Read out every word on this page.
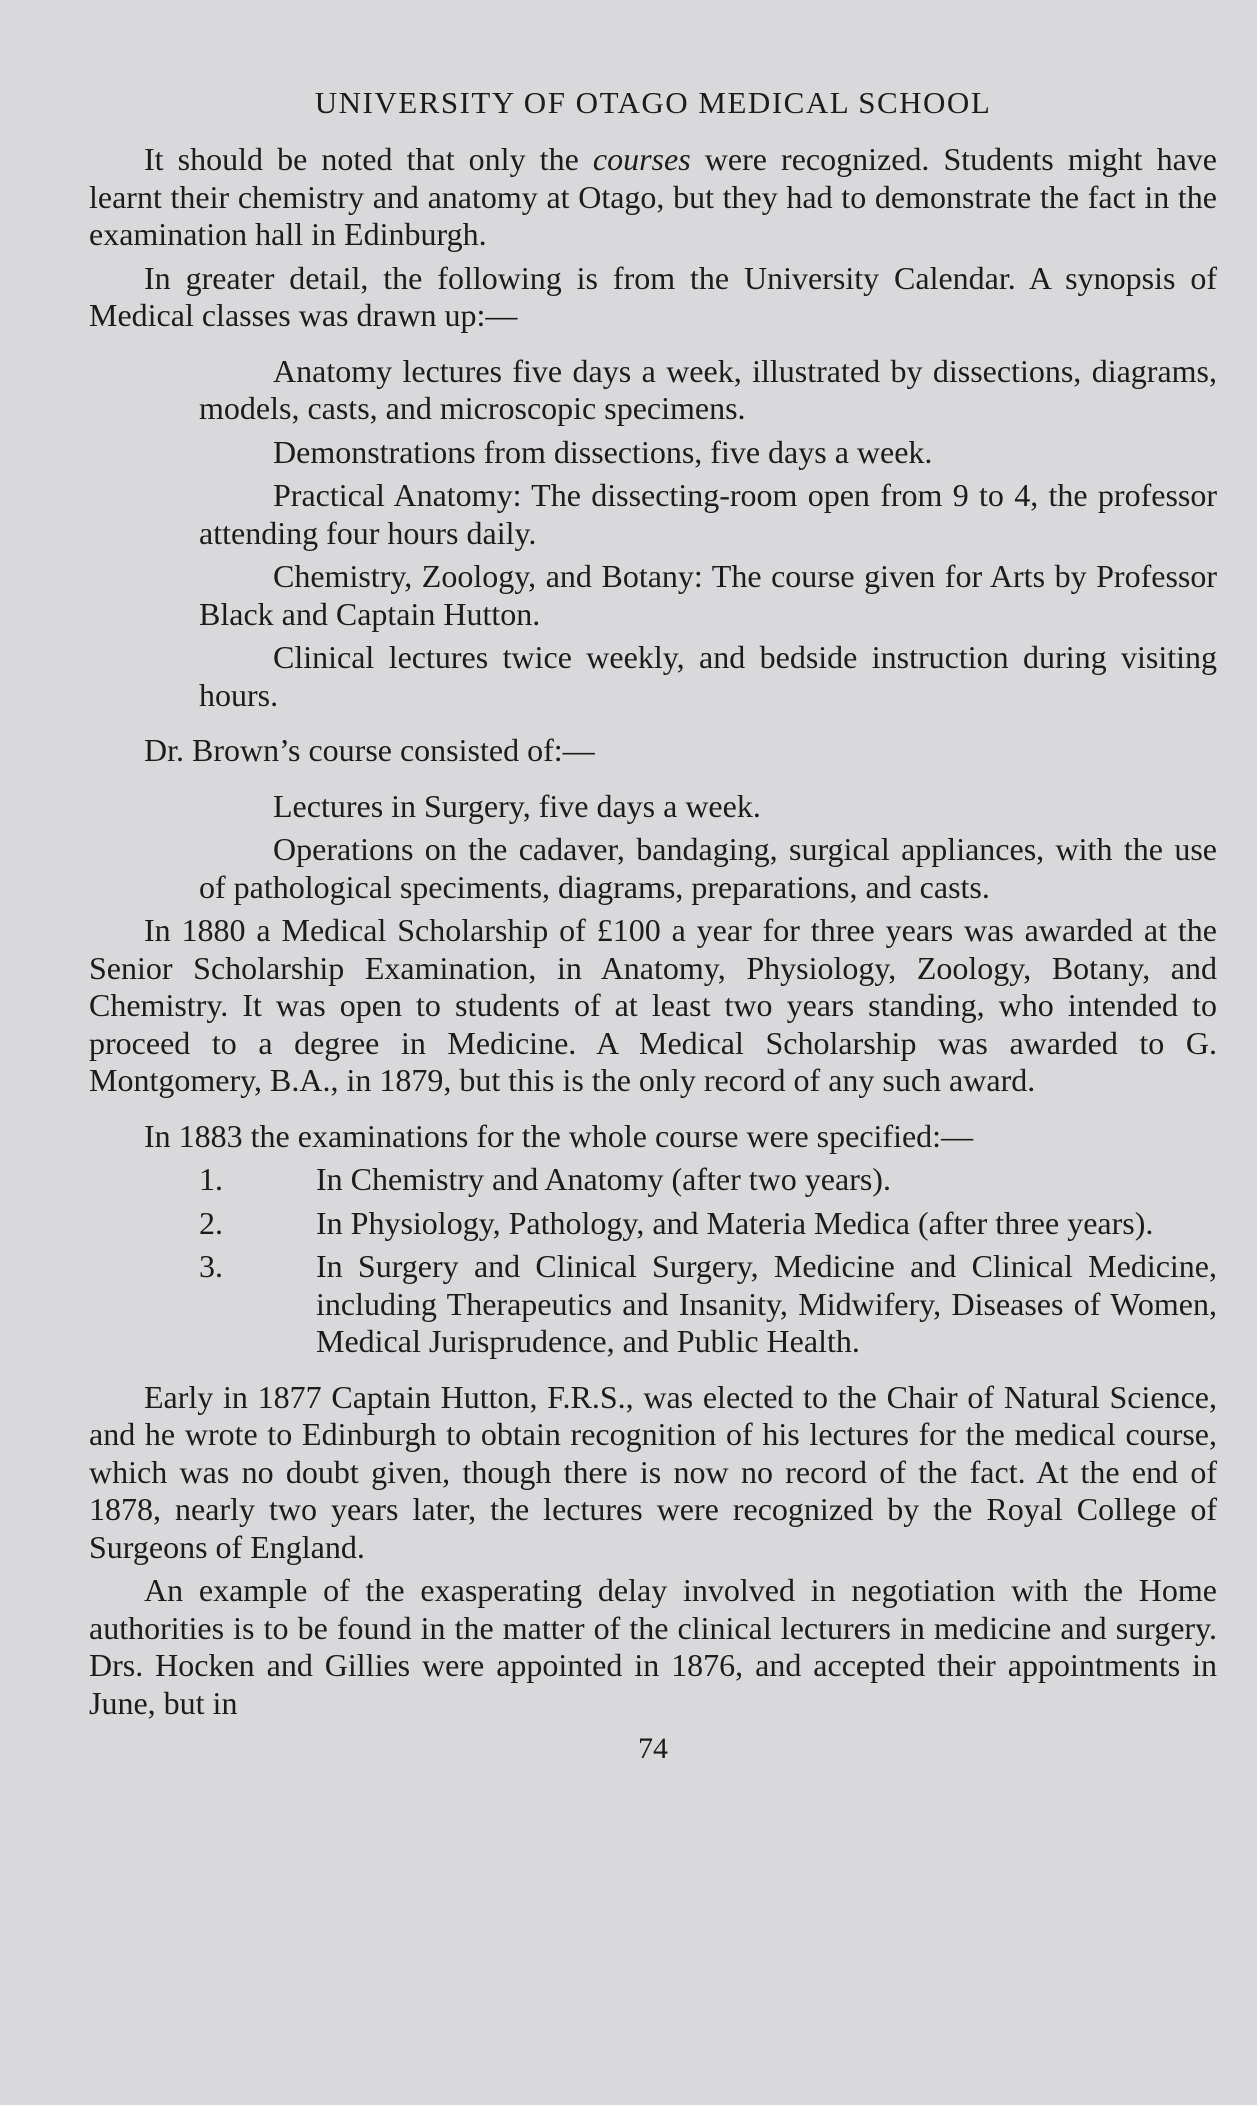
UNIVERSITY OF OTAGO MEDICAL SCHOOL

It should be noted that only the courses were recognized. Students might have learnt their chemistry and anatomy at Otago, but they had to demonstrate the fact in the examination hall in Edinburgh.

In greater detail, the following is from the University Calendar. A synopsis of Medical classes was drawn up:—

Anatomy lectures five days a week, illustrated by dissections, diagrams, models, casts, and microscopic specimens.

Demonstrations from dissections, five days a week.

Practical Anatomy: The dissecting-room open from 9 to 4, the professor attending four hours daily.

Chemistry, Zoology, and Botany: The course given for Arts by Professor Black and Captain Hutton.

Clinical lectures twice weekly, and bedside instruction during visiting hours.

Dr. Brown’s course consisted of:—

Lectures in Surgery, five days a week.

Operations on the cadaver, bandaging, surgical appliances, with the use of pathological speciments, diagrams, preparations, and casts.

In 1880 a Medical Scholarship of £100 a year for three years was awarded at the Senior Scholarship Examination, in Anatomy, Physiology, Zoology, Botany, and Chemistry. It was open to students of at least two years standing, who intended to proceed to a degree in Medicine. A Medical Scholarship was awarded to G. Montgomery, B.A., in 1879, but this is the only record of any such award.

In 1883 the examinations for the whole course were specified:—

1.	In Chemistry and Anatomy (after two years).
2.	In Physiology, Pathology, and Materia Medica (after three years).
3.	In Surgery and Clinical Surgery, Medicine and Clinical Medicine, including Therapeutics and Insanity, Midwifery, Diseases of Women, Medical Jurisprudence, and Public Health.

Early in 1877 Captain Hutton, F.R.S., was elected to the Chair of Natural Science, and he wrote to Edinburgh to obtain recognition of his lectures for the medical course, which was no doubt given, though there is now no record of the fact. At the end of 1878, nearly two years later, the lectures were recognized by the Royal College of Surgeons of England.

An example of the exasperating delay involved in negotiation with the Home authorities is to be found in the matter of the clinical lecturers in medicine and surgery. Drs. Hocken and Gillies were appointed in 1876, and accepted their appointments in June, but in

74
